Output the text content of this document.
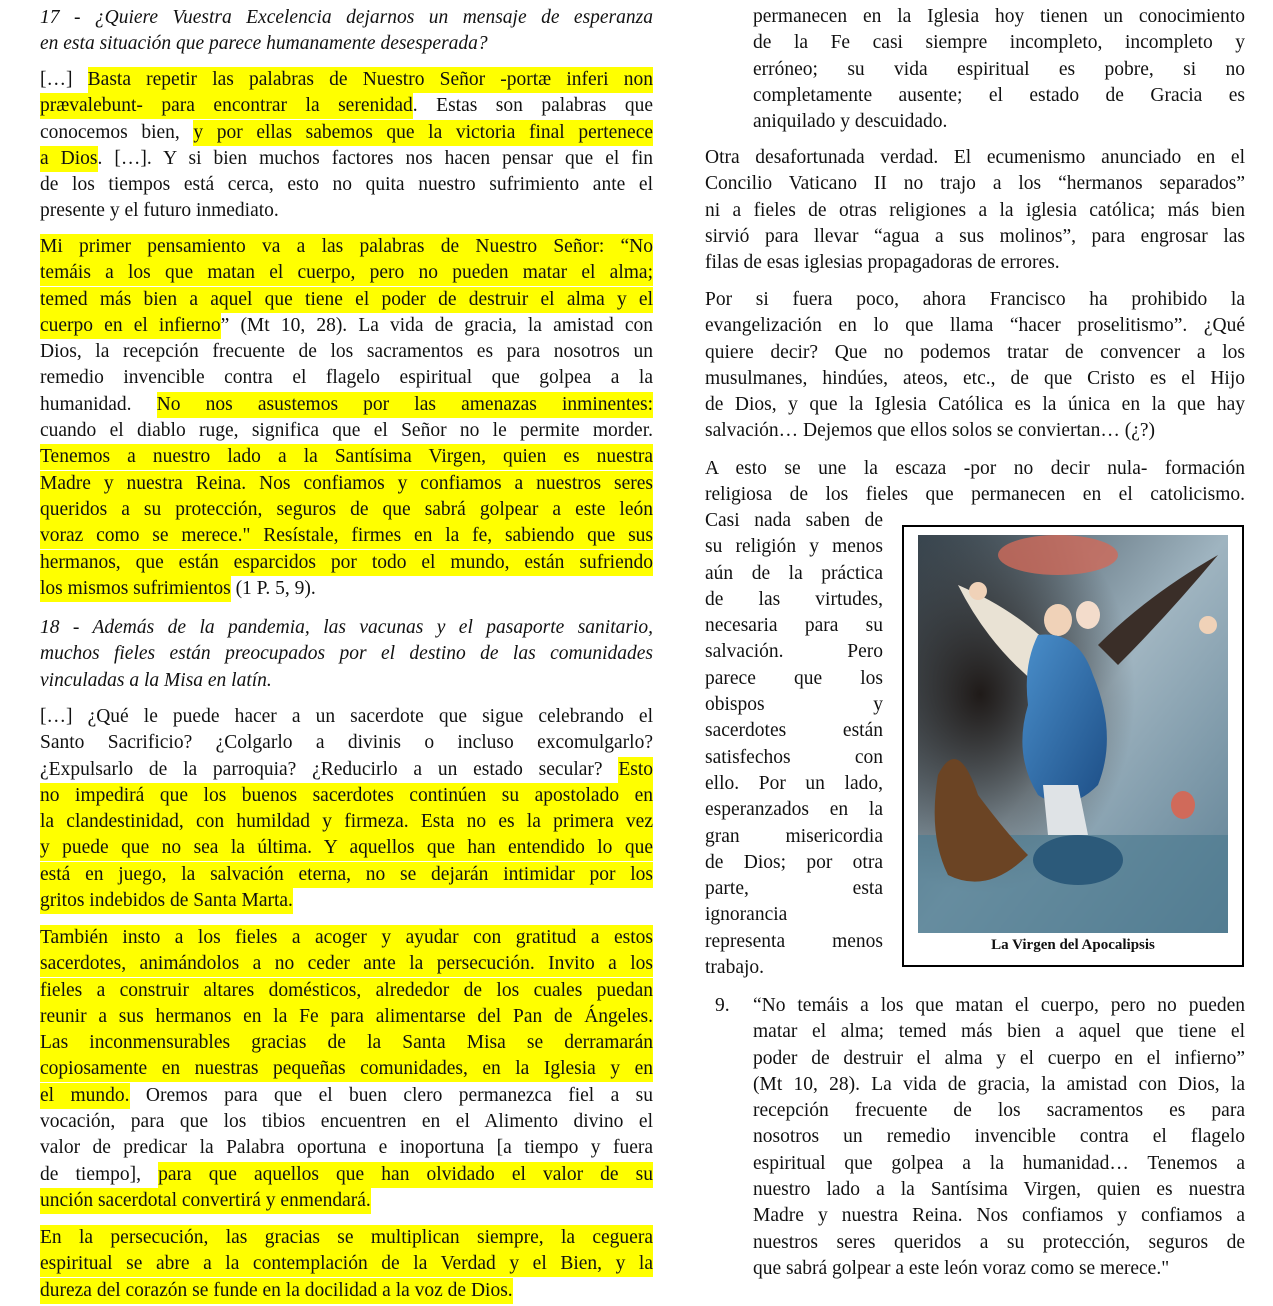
17 - ¿Quiere Vuestra Excelencia dejarnos un mensaje de esperanza
en esta situación que parece humanamente desesperada?
[…] Basta repetir las palabras de Nuestro Señor -portæ inferi non
prævalebunt- para encontrar la serenidad. Estas son palabras que
conocemos bien, y por ellas sabemos que la victoria final pertenece
a Dios. […]. Y si bien muchos factores nos hacen pensar que el fin
de los tiempos está cerca, esto no quita nuestro sufrimiento ante el
presente y el futuro inmediato.
Mi primer pensamiento va a las palabras de Nuestro Señor: “No
temáis a los que matan el cuerpo, pero no pueden matar el alma;
temed más bien a aquel que tiene el poder de destruir el alma y el
cuerpo en el infierno” (Mt 10, 28). La vida de gracia, la amistad con
Dios, la recepción frecuente de los sacramentos es para nosotros un
remedio invencible contra el flagelo espiritual que golpea a la
humanidad. No nos asustemos por las amenazas inminentes:
cuando el diablo ruge, significa que el Señor no le permite morder.
Tenemos a nuestro lado a la Santísima Virgen, quien es nuestra
Madre y nuestra Reina. Nos confiamos y confiamos a nuestros seres
queridos a su protección, seguros de que sabrá golpear a este león
voraz como se merece." Resístale, firmes en la fe, sabiendo que sus
hermanos, que están esparcidos por todo el mundo, están sufriendo
los mismos sufrimientos (1 P. 5, 9).
18 - Además de la pandemia, las vacunas y el pasaporte sanitario,
muchos fieles están preocupados por el destino de las comunidades
vinculadas a la Misa en latín.
[…] ¿Qué le puede hacer a un sacerdote que sigue celebrando el
Santo Sacrificio? ¿Colgarlo a divinis o incluso excomulgarlo?
¿Expulsarlo de la parroquia? ¿Reducirlo a un estado secular? Esto
no impedirá que los buenos sacerdotes continúen su apostolado en
la clandestinidad, con humildad y firmeza. Esta no es la primera vez
y puede que no sea la última. Y aquellos que han entendido lo que
está en juego, la salvación eterna, no se dejarán intimidar por los
gritos indebidos de Santa Marta.
También insto a los fieles a acoger y ayudar con gratitud a estos
sacerdotes, animándolos a no ceder ante la persecución. Invito a los
fieles a construir altares domésticos, alrededor de los cuales puedan
reunir a sus hermanos en la Fe para alimentarse del Pan de Ángeles.
Las inconmensurables gracias de la Santa Misa se derramarán
copiosamente en nuestras pequeñas comunidades, en la Iglesia y en
el mundo. Oremos para que el buen clero permanezca fiel a su
vocación, para que los tibios encuentren en el Alimento divino el
valor de predicar la Palabra oportuna e inoportuna [a tiempo y fuera
de tiempo], para que aquellos que han olvidado el valor de su
unción sacerdotal convertirá y enmendará.
En la persecución, las gracias se multiplican siempre, la ceguera
espiritual se abre a la contemplación de la Verdad y el Bien, y la
dureza del corazón se funde en la docilidad a la voz de Dios.
permanecen en la Iglesia hoy tienen un conocimiento
de la Fe casi siempre incompleto, incompleto y
erróneo; su vida espiritual es pobre, si no
completamente ausente; el estado de Gracia es
aniquilado y descuidado.
Otra desafortunada verdad. El ecumenismo anunciado en el
Concilio Vaticano II no trajo a los “hermanos separados”
ni a fieles de otras religiones a la iglesia católica; más bien
sirvió para llevar “agua a sus molinos”, para engrosar las
filas de esas iglesias propagadoras de errores.
Por si fuera poco, ahora Francisco ha prohibido la
evangelización en lo que llama “hacer proselitismo”. ¿Qué
quiere decir? Que no podemos tratar de convencer a los
musulmanes, hindúes, ateos, etc., de que Cristo es el Hijo
de Dios, y que la Iglesia Católica es la única en la que hay
salvación… Dejemos que ellos solos se conviertan… (¿?)
A esto se une la escaza -por no decir nula- formación
religiosa de los fieles que permanecen en el catolicismo.
Casi nada saben de
su religión y menos
aún de la práctica
de las virtudes,
necesaria para su
salvación. Pero
parece que los
obispos y
sacerdotes están
satisfechos con
ello. Por un lado,
esperanzados en la
gran misericordia
de Dios; por otra
parte, esta
ignorancia
representa menos
trabajo.
La Virgen del Apocalipsis
9. “No temáis a los que matan el cuerpo, pero no pueden
matar el alma; temed más bien a aquel que tiene el
poder de destruir el alma y el cuerpo en el infierno”
(Mt 10, 28). La vida de gracia, la amistad con Dios, la
recepción frecuente de los sacramentos es para
nosotros un remedio invencible contra el flagelo
espiritual que golpea a la humanidad… Tenemos a
nuestro lado a la Santísima Virgen, quien es nuestra
Madre y nuestra Reina. Nos confiamos y confiamos a
nuestros seres queridos a su protección, seguros de
que sabrá golpear a este león voraz como se merece."
